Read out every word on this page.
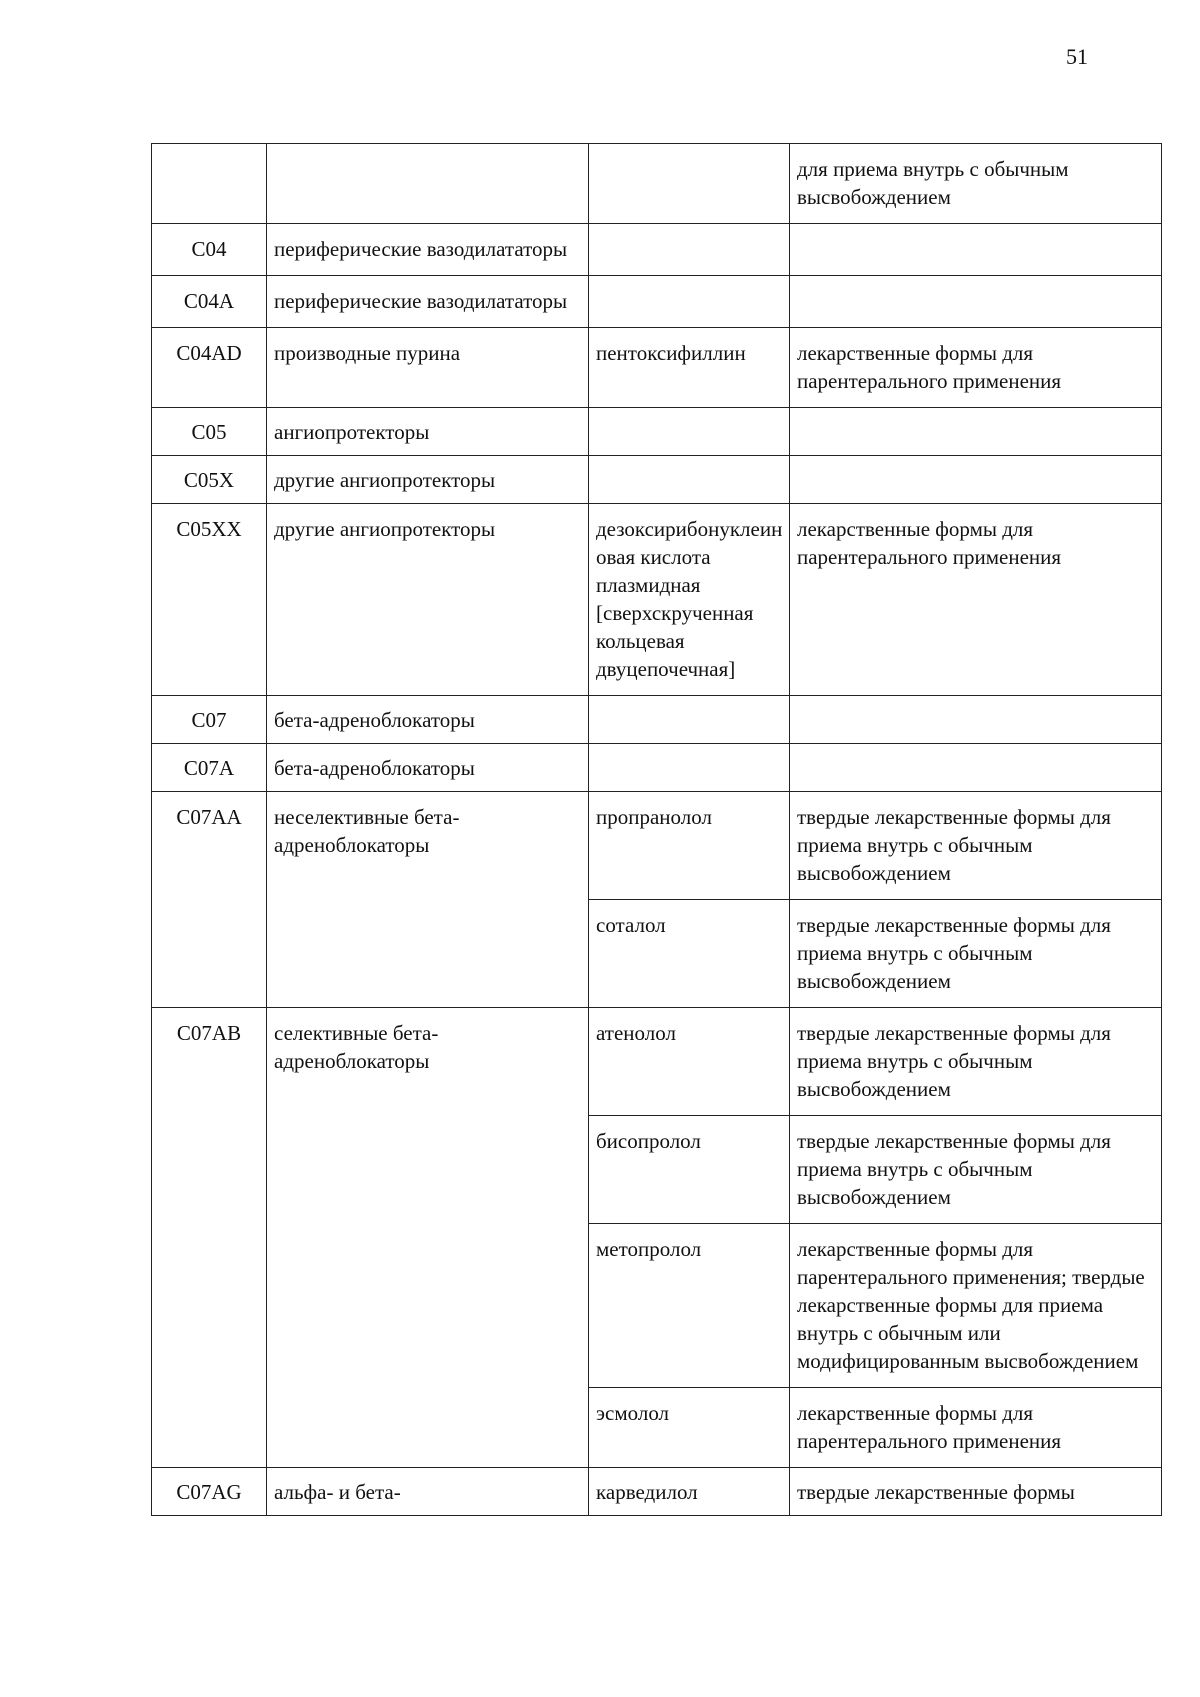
51
			для приема внутрь с обычным высвобождением
C04	периферические вазодилататоры		
C04A	периферические вазодилататоры		
C04AD	производные пурина	пентоксифиллин	лекарственные формы для парентерального применения
C05	ангиопротекторы		
C05X	другие ангиопротекторы		
C05XX	другие ангиопротекторы	дезоксирибонуклеиновая кислота плазмидная [сверхскрученная кольцевая двуцепочечная]	лекарственные формы для парентерального применения
C07	бета-адреноблокаторы		
C07A	бета-адреноблокаторы		
C07AA	неселективные бета-адреноблокаторы	пропранолол	твердые лекарственные формы для приема внутрь с обычным высвобождением
		соталол	твердые лекарственные формы для приема внутрь с обычным высвобождением
C07AB	селективные бета-адреноблокаторы	атенолол	твердые лекарственные формы для приема внутрь с обычным высвобождением
		бисопролол	твердые лекарственные формы для приема внутрь с обычным высвобождением
		метопролол	лекарственные формы для парентерального применения; твердые лекарственные формы для приема внутрь с обычным или модифицированным высвобождением
		эсмолол	лекарственные формы для парентерального применения
C07AG	альфа- и бета-	карведилол	твердые лекарственные формы
